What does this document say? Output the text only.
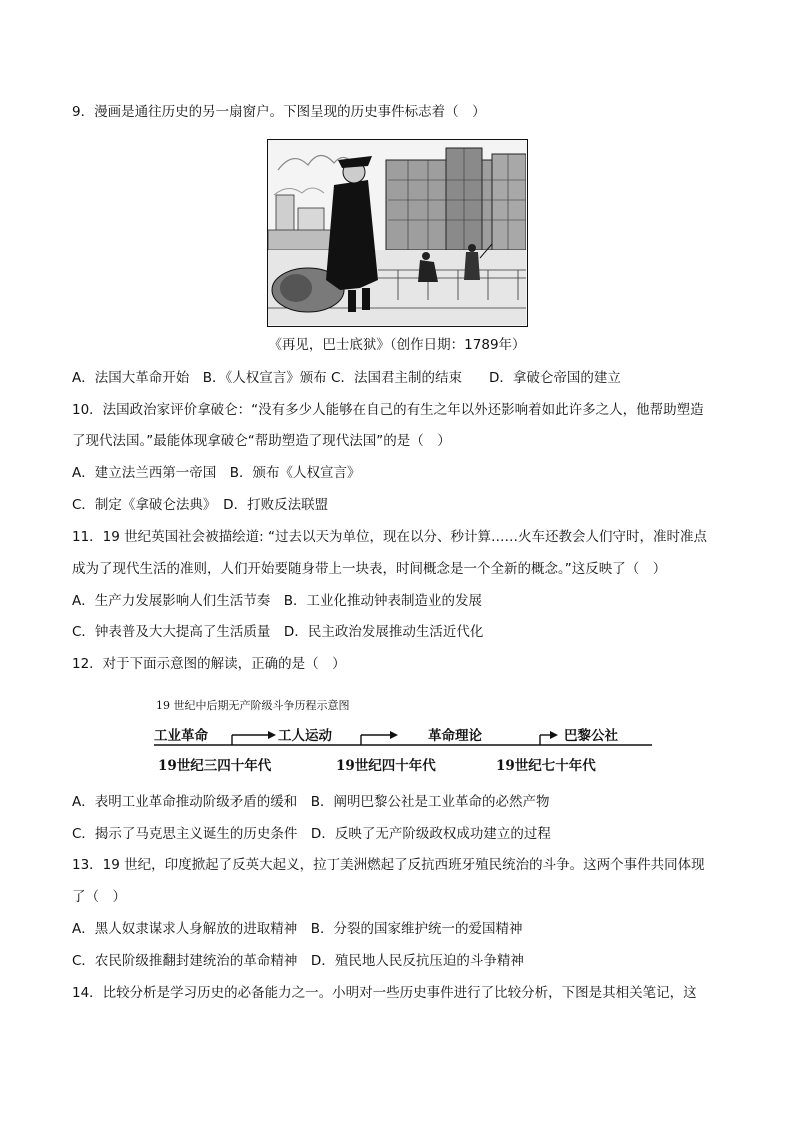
9．漫画是通往历史的另一扇窗户。下图呈现的历史事件标志着（　）
《再见，巴士底狱》（创作日期：1789年）
A．法国大革命开始　B．《人权宣言》颁布 C．法国君主制的结束　　D．拿破仑帝国的建立
10．法国政治家评价拿破仑：“没有多少人能够在自己的有生之年以外还影响着如此许多之人，他帮助塑造
了现代法国。”最能体现拿破仑“帮助塑造了现代法国”的是（　）
A．建立法兰西第一帝国　B．颁布《人权宣言》
C．制定《拿破仑法典》　D．打败反法联盟
11．19 世纪英国社会被描绘道: “过去以天为单位，现在以分、秒计算……火车还教会人们守时，准时准点
成为了现代生活的准则，人们开始要随身带上一块表，时间概念是一个全新的概念。”这反映了（　）
A．生产力发展影响人们生活节奏　B．工业化推动钟表制造业的发展
C．钟表普及大大提高了生活质量　D．民主政治发展推动生活近代化
12．对于下面示意图的解读，正确的是（　）
19 世纪中后期无产阶级斗争历程示意图
工业革命	工人运动	革命理论	巴黎公社
19世纪三四十年代	19世纪四十年代	19世纪七十年代
A．表明工业革命推动阶级矛盾的缓和　B．阐明巴黎公社是工业革命的必然产物
C．揭示了马克思主义诞生的历史条件　D．反映了无产阶级政权成功建立的过程
13．19 世纪，印度掀起了反英大起义，拉丁美洲燃起了反抗西班牙殖民统治的斗争。这两个事件共同体现
了（　）
A．黑人奴隶谋求人身解放的进取精神　B．分裂的国家维护统一的爱国精神
C．农民阶级推翻封建统治的革命精神　D．殖民地人民反抗压迫的斗争精神
14．比较分析是学习历史的必备能力之一。小明对一些历史事件进行了比较分析，下图是其相关笔记，这
